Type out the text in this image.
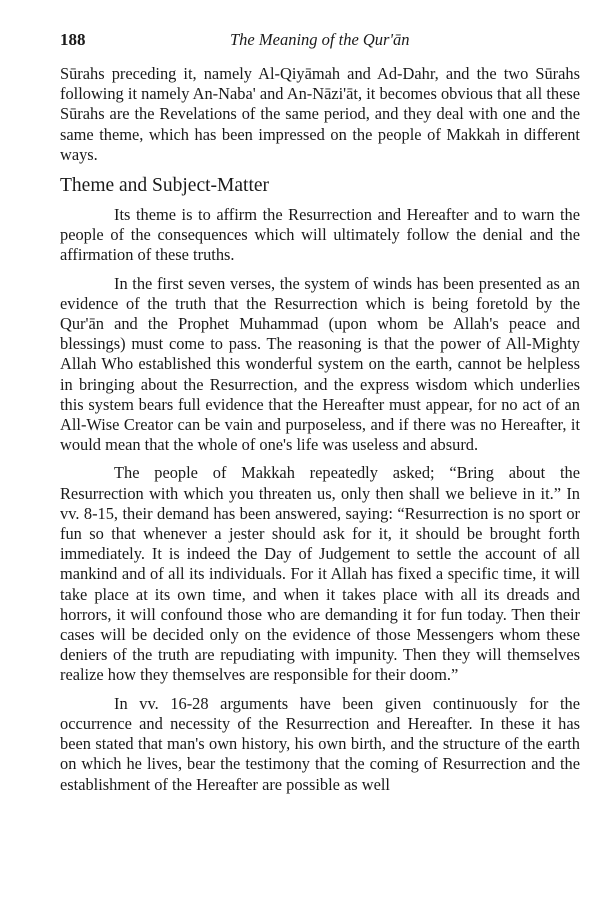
188	The Meaning of the Qur'ān

Sūrahs preceding it, namely Al-Qiyāmah and Ad-Dahr, and the two Sūrahs following it namely An-Naba' and An-Nāzi'āt, it becomes obvious that all these Sūrahs are the Revelations of the same period, and they deal with one and the same theme, which has been impressed on the people of Makkah in different ways.

Theme and Subject-Matter

Its theme is to affirm the Resurrection and Hereafter and to warn the people of the consequences which will ultimately follow the denial and the affirmation of these truths.

In the first seven verses, the system of winds has been presented as an evidence of the truth that the Resurrection which is being foretold by the Qur'ān and the Prophet Muhammad (upon whom be Allah's peace and blessings) must come to pass. The reasoning is that the power of All-Mighty Allah Who established this wonderful system on the earth, cannot be helpless in bringing about the Resurrection, and the express wisdom which underlies this system bears full evidence that the Hereafter must appear, for no act of an All-Wise Creator can be vain and purposeless, and if there was no Hereafter, it would mean that the whole of one's life was useless and absurd.

The people of Makkah repeatedly asked; “Bring about the Resurrection with which you threaten us, only then shall we believe in it.” In vv. 8-15, their demand has been answered, saying: “Resurrection is no sport or fun so that whenever a jester should ask for it, it should be brought forth immediately. It is indeed the Day of Judgement to settle the account of all mankind and of all its individuals. For it Allah has fixed a specific time, it will take place at its own time, and when it takes place with all its dreads and horrors, it will confound those who are demanding it for fun today. Then their cases will be decided only on the evidence of those Messengers whom these deniers of the truth are repudiating with impunity. Then they will themselves realize how they themselves are responsible for their doom.”

In vv. 16-28 arguments have been given continuously for the occurrence and necessity of the Resurrection and Hereafter. In these it has been stated that man's own history, his own birth, and the structure of the earth on which he lives, bear the testimony that the coming of Resurrection and the establishment of the Hereafter are possible as well
